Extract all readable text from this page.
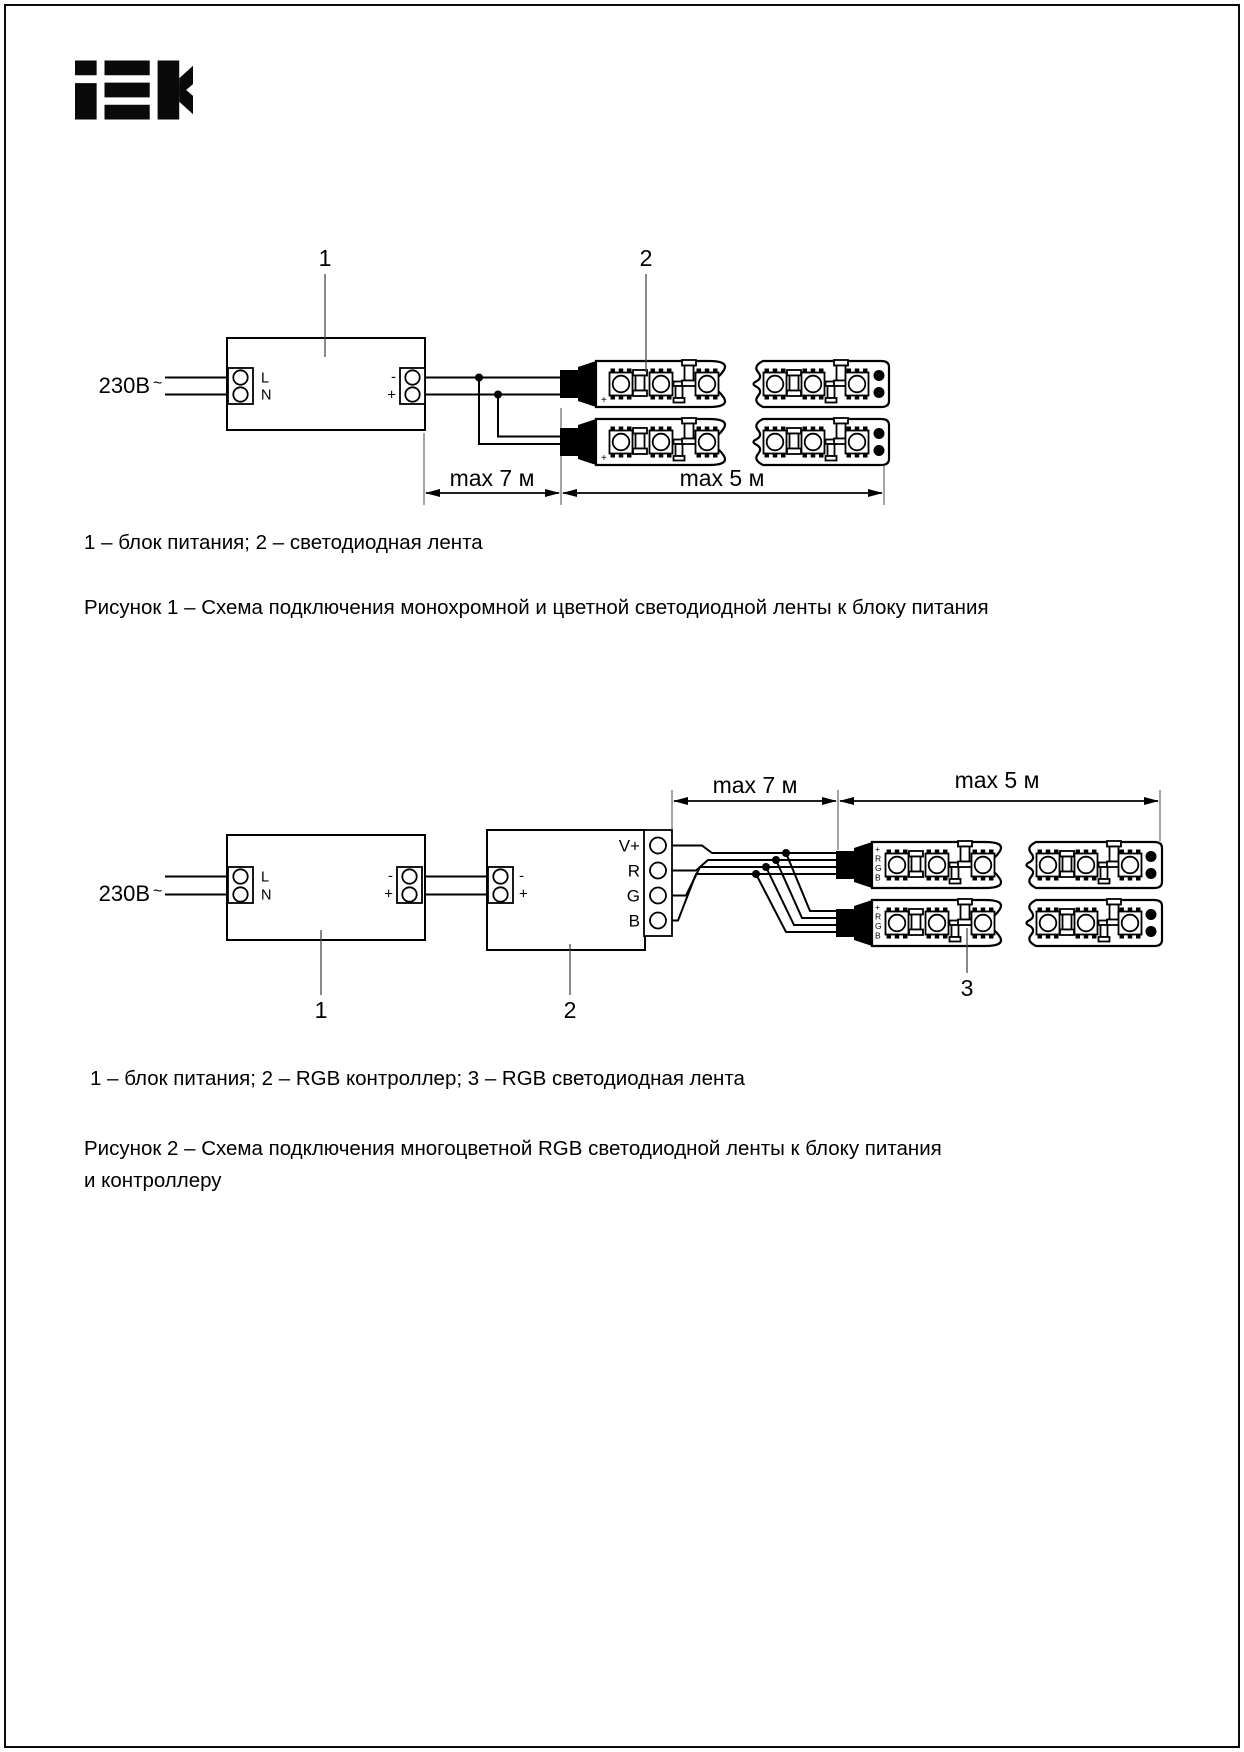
L
N
-
+
230В ~
+
+
max 7 м	max 5 м
1	2
max 7 м	max 5 м
L
N
-
+
230В ~
-
+
V+
R
G
B
+
R
G
B
+
R
G
B
1	2
3
1 – блок питания; 2 – светодиодная лента
Рисунок 1 – Схема подключения монохромной и цветной светодиодной ленты к блоку питания
1 – блок питания; 2 – RGB контроллер; 3 – RGB светодиодная лента
Рисунок 2 – Схема подключения многоцветной RGB светодиодной ленты к блоку питания
и контроллеру
